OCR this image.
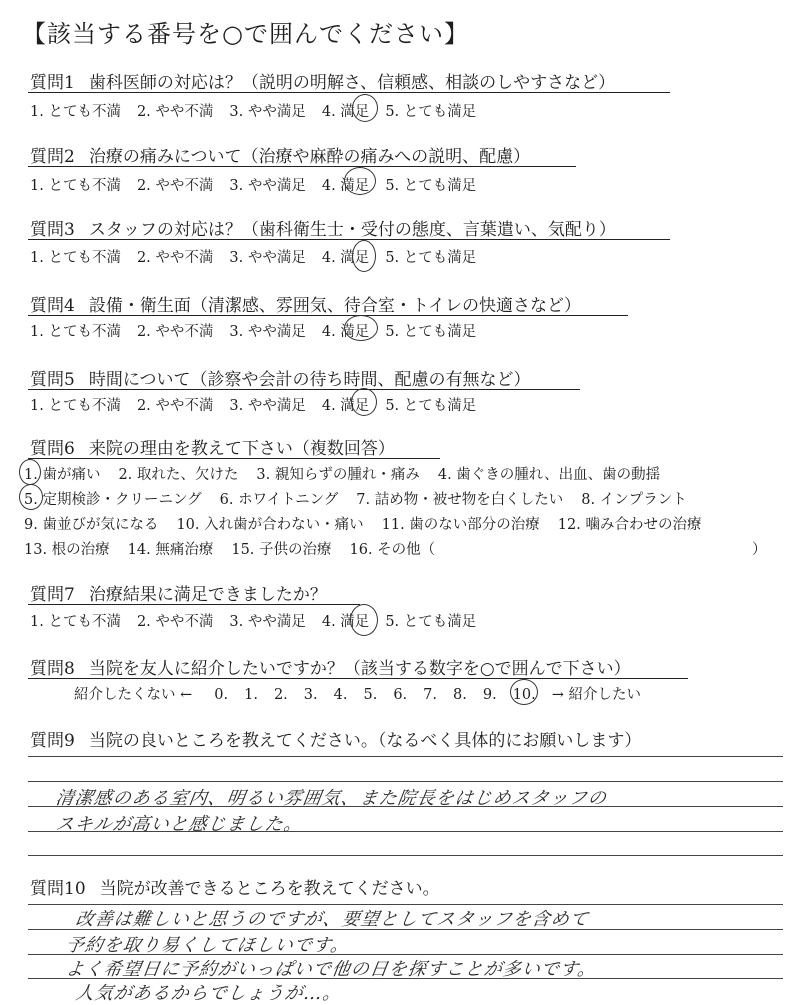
【該当する番号を○で囲んでください】
質問1 歯科医師の対応は？（説明の明解さ、信頼感、相談のしやすさなど）
1. とても不満 2. やや不満 3. やや満足 4. 満足 5. とても満足
質問2 治療の痛みについて（治療や麻酔の痛みへの説明、配慮）
1. とても不満 2. やや不満 3. やや満足 4. 満足 5. とても満足
質問3 スタッフの対応は？（歯科衛生士・受付の態度、言葉遣い、気配り）
1. とても不満 2. やや不満 3. やや満足 4. 満足 5. とても満足
質問4 設備・衛生面（清潔感、雰囲気、待合室・トイレの快適さなど）
1. とても不満 2. やや不満 3. やや満足 4. 満足 5. とても満足
質問5 時間について（診察や会計の待ち時間、配慮の有無など）
1. とても不満 2. やや不満 3. やや満足 4. 満足 5. とても満足
質問6 来院の理由を教えて下さい（複数回答）
1. 歯が痛い 2. 取れた、欠けた 3. 親知らずの腫れ・痛み 4. 歯ぐきの腫れ、出血、歯の動揺
5. 定期検診・クリーニング 6. ホワイトニング 7. 詰め物・被せ物を白くしたい 8. インプラント
9. 歯並びが気になる 10. 入れ歯が合わない・痛い 11. 歯のない部分の治療 12. 噛み合わせの治療
13. 根の治療 14. 無痛治療 15. 子供の治療 16. その他（	）
質問7 治療結果に満足できましたか？
1. とても不満 2. やや不満 3. やや満足 4. 満足 5. とても満足
質問8 当院を友人に紹介したいですか？（該当する数字を○で囲んで下さい）
紹介したくない ← 0. 1. 2. 3. 4. 5. 6. 7. 8. 9. 10. → 紹介したい
質問9 当院の良いところを教えてください。（なるべく具体的にお願いします）
清潔感のある室内、明るい雰囲気、また院長をはじめスタッフの
スキルが高いと感じました。
質問10 当院が改善できるところを教えてください。
改善は難しいと思うのですが、要望としてスタッフを含めて
予約を取り易くしてほしいです。
よく希望日に予約がいっぱいで他の日を探すことが多いです。
人気があるからでしょうが…。
